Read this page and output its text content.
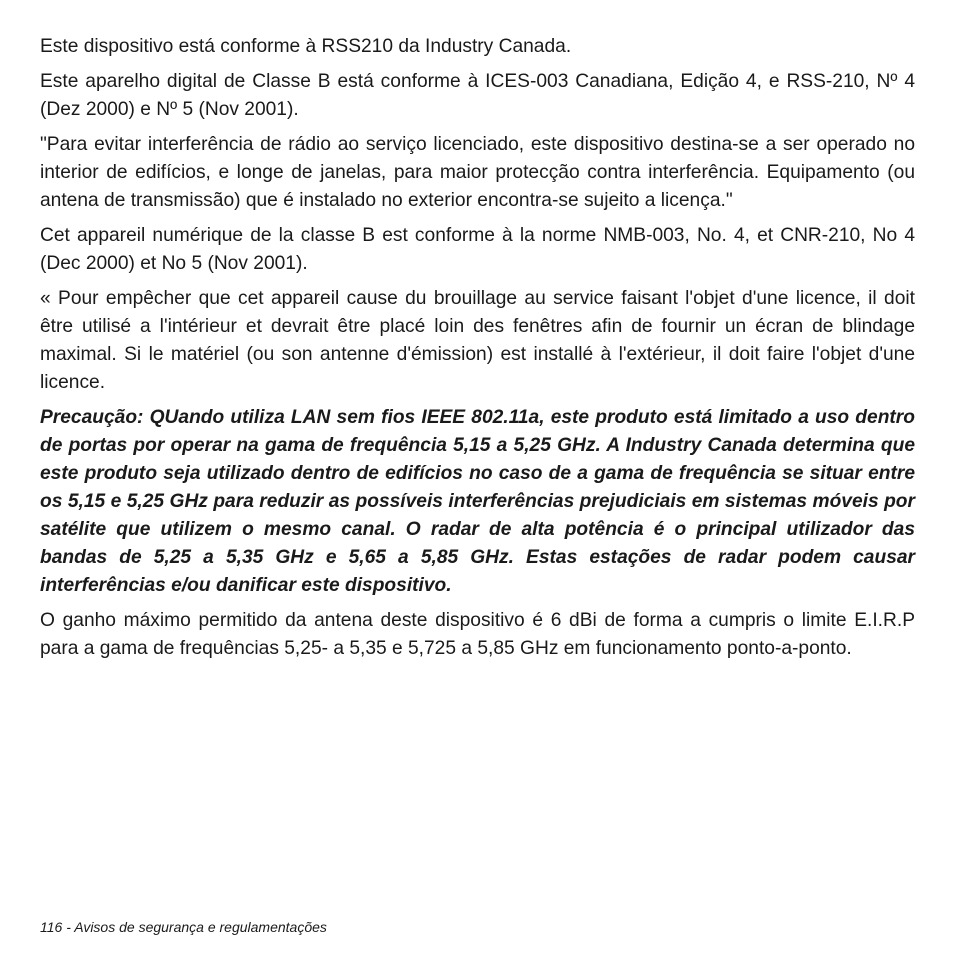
Este dispositivo está conforme à RSS210 da Industry Canada.

Este aparelho digital de Classe B está conforme à ICES-003 Canadiana, Edição 4, e RSS-210, Nº 4 (Dez 2000) e Nº 5 (Nov 2001).

"Para evitar interferência de rádio ao serviço licenciado, este dispositivo destina-se a ser operado no interior de edifícios, e longe de janelas, para maior protecção contra interferência. Equipamento (ou antena de transmissão) que é instalado no exterior encontra-se sujeito a licença."

Cet appareil numérique de la classe B est conforme à la norme NMB-003, No. 4, et CNR-210, No 4 (Dec 2000) et No 5 (Nov 2001).

« Pour empêcher que cet appareil cause du brouillage au service faisant l'objet d'une licence, il doit être utilisé a l'intérieur et devrait être placé loin des fenêtres afin de fournir un écran de blindage maximal. Si le matériel (ou son antenne d'émission) est installé à l'extérieur, il doit faire l'objet d'une licence.

Precaução: QUando utiliza LAN sem fios IEEE 802.11a, este produto está limitado a uso dentro de portas por operar na gama de frequência 5,15 a 5,25 GHz. A Industry Canada determina que este produto seja utilizado dentro de edifícios no caso de a gama de frequência se situar entre os 5,15 e 5,25 GHz para reduzir as possíveis interferências prejudiciais em sistemas móveis por satélite que utilizem o mesmo canal. O radar de alta potência é o principal utilizador das bandas de 5,25 a 5,35 GHz e 5,65 a 5,85 GHz. Estas estações de radar podem causar interferências e/ou danificar este dispositivo.

O ganho máximo permitido da antena deste dispositivo é 6 dBi de forma a cumpris o limite E.I.R.P para a gama de frequências 5,25- a 5,35 e 5,725 a 5,85 GHz em funcionamento ponto-a-ponto.

116 - Avisos de segurança e regulamentações
